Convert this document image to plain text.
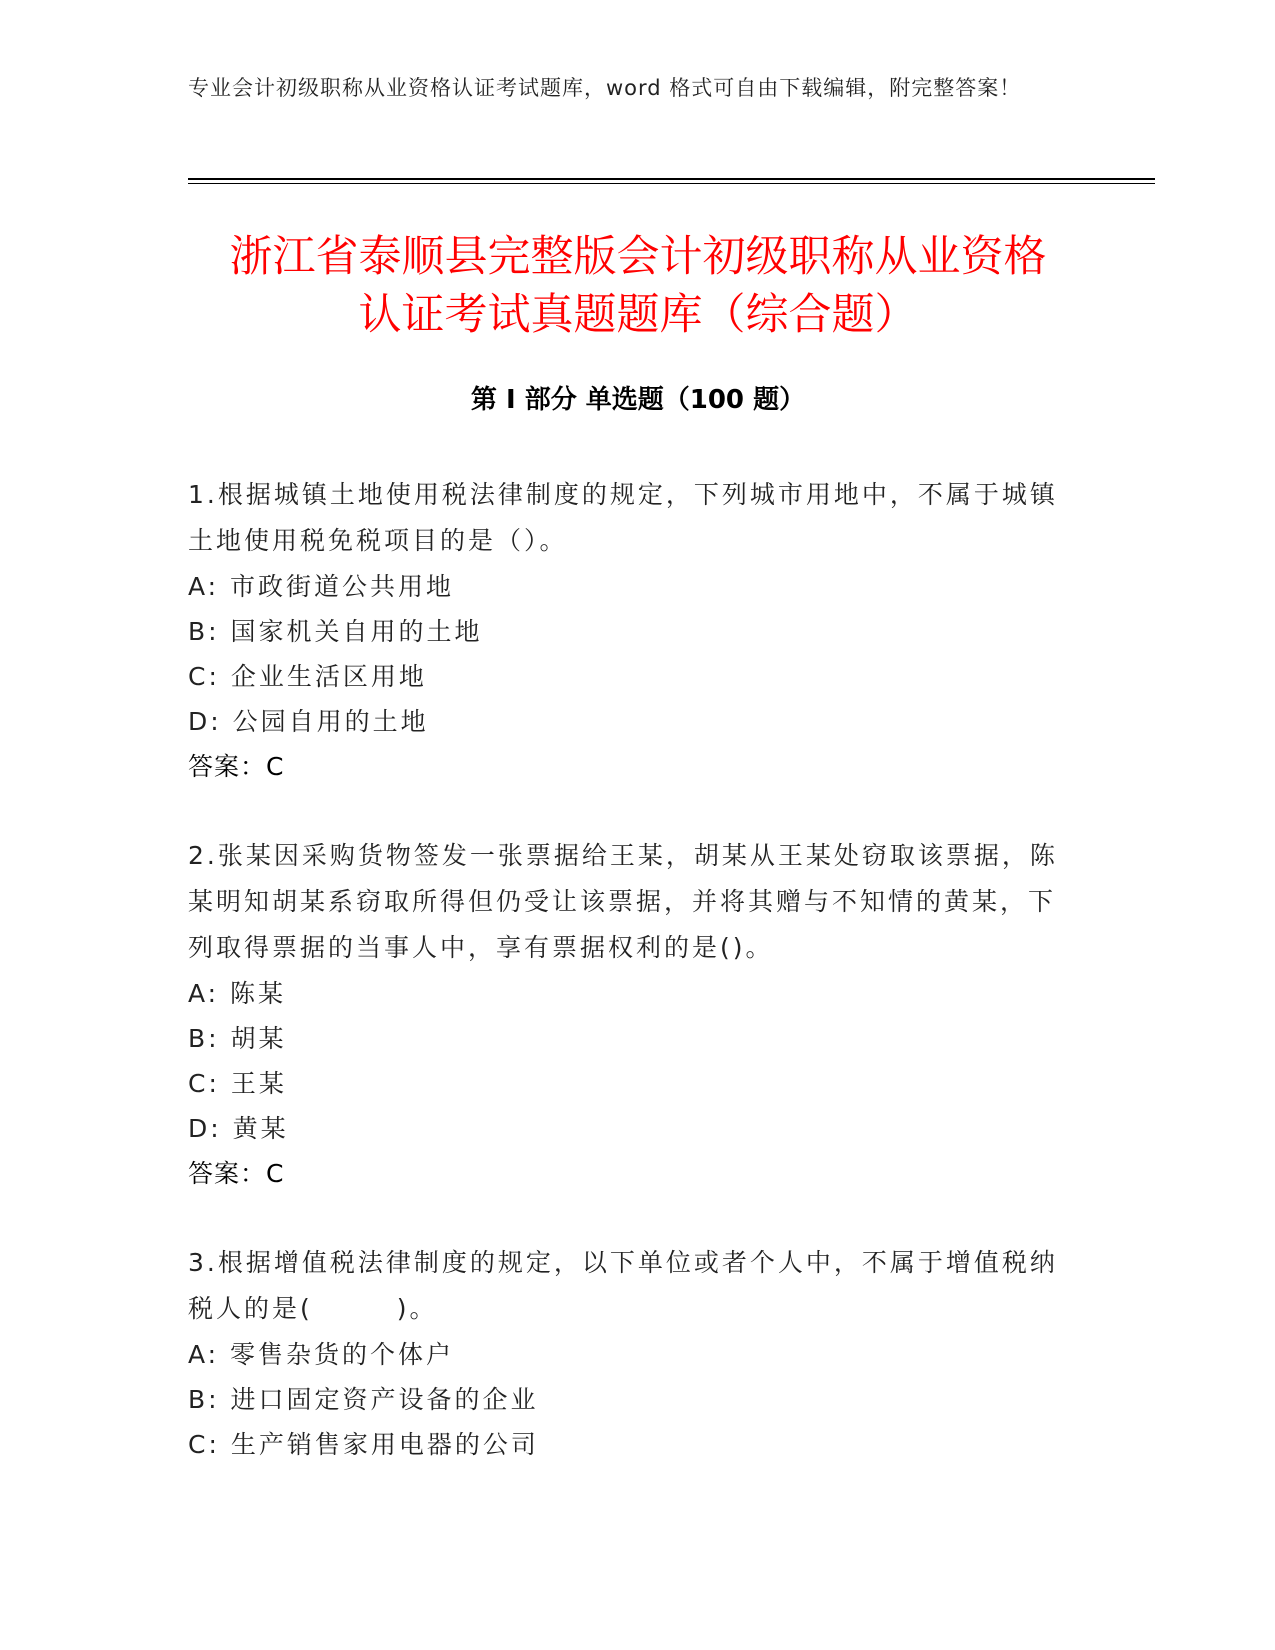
专业会计初级职称从业资格认证考试题库，word 格式可自由下载编辑，附完整答案！
浙江省泰顺县完整版会计初级职称从业资格
认证考试真题题库（综合题）
第 I 部分 单选题（100 题）

1.根据城镇土地使用税法律制度的规定，下列城市用地中，不属于城镇土地使用税免税项目的是（）。

A: 市政街道公共用地

B: 国家机关自用的土地

C: 企业生活区用地

D: 公园自用的土地

答案：C

2.张某因采购货物签发一张票据给王某，胡某从王某处窃取该票据，陈某明知胡某系窃取所得但仍受让该票据，并将其赠与不知情的黄某，下列取得票据的当事人中，享有票据权利的是()。

A: 陈某

B: 胡某

C: 王某

D: 黄某

答案：C

3.根据增值税法律制度的规定，以下单位或者个人中，不属于增值税纳税人的是(　　　)。

A: 零售杂货的个体户

B: 进口固定资产设备的企业

C: 生产销售家用电器的公司
